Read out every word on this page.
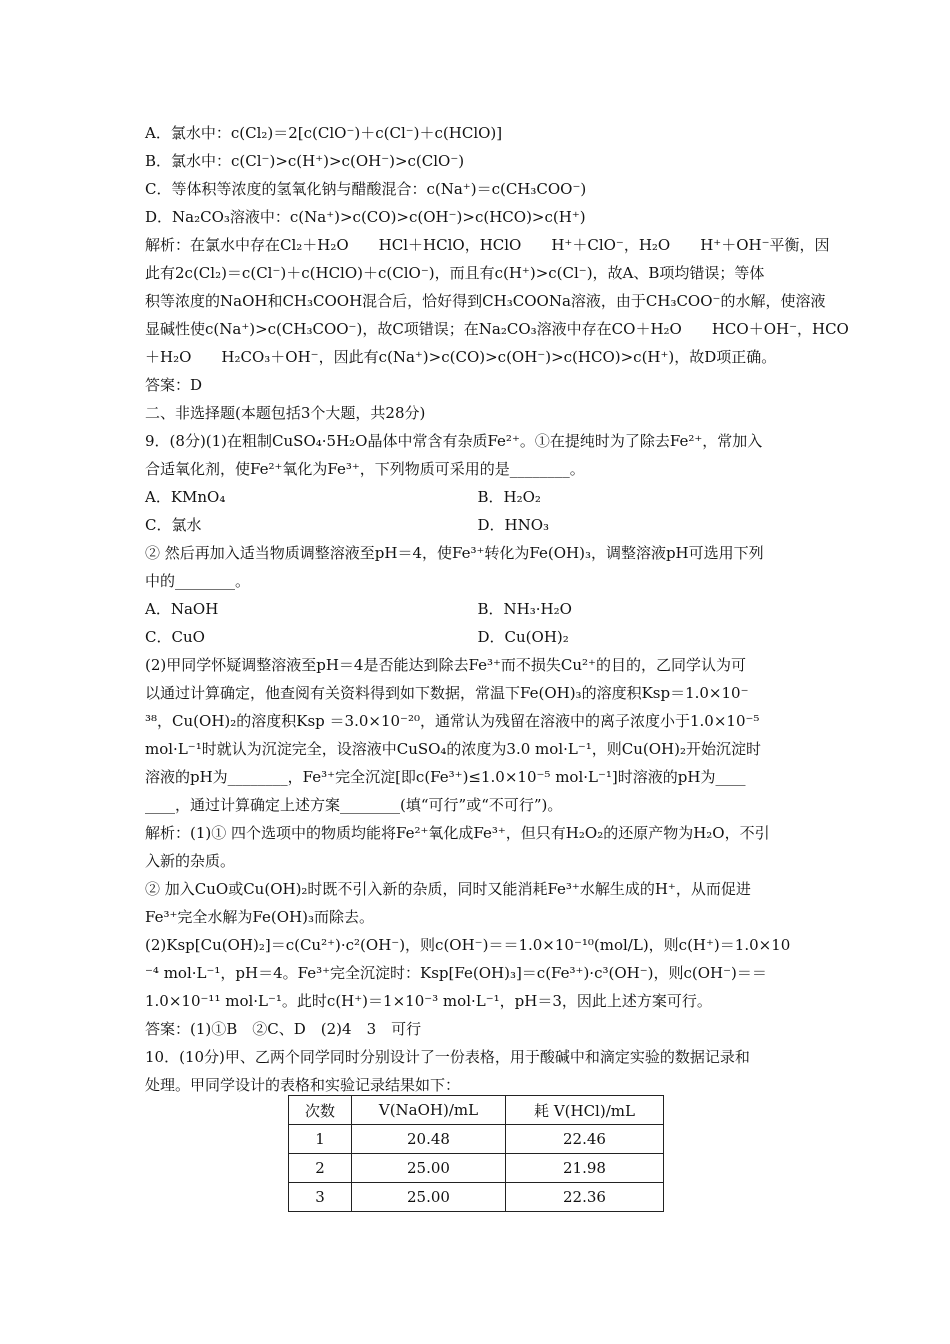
A．氯水中：c(Cl₂)＝2[c(ClO⁻)＋c(Cl⁻)＋c(HClO)]

B．氯水中：c(Cl⁻)>c(H⁺)>c(OH⁻)>c(ClO⁻)

C．等体积等浓度的氢氧化钠与醋酸混合：c(Na⁺)＝c(CH₃COO⁻)

D．Na₂CO₃溶液中：c(Na⁺)>c(CO)>c(OH⁻)>c(HCO)>c(H⁺)

解析：在氯水中存在Cl₂＋H₂O　　HCl＋HClO，HClO　　H⁺＋ClO⁻，H₂O　　H⁺＋OH⁻平衡，因

此有2c(Cl₂)＝c(Cl⁻)＋c(HClO)＋c(ClO⁻)，而且有c(H⁺)>c(Cl⁻)，故A、B项均错误；等体

积等浓度的NaOH和CH₃COOH混合后，恰好得到CH₃COONa溶液，由于CH₃COO⁻的水解，使溶液

显碱性使c(Na⁺)>c(CH₃COO⁻)，故C项错误；在Na₂CO₃溶液中存在CO＋H₂O　　HCO＋OH⁻，HCO

＋H₂O　　H₂CO₃＋OH⁻，因此有c(Na⁺)>c(CO)>c(OH⁻)>c(HCO)>c(H⁺)，故D项正确。

答案：D

二、非选择题(本题包括3个大题，共28分)

9．(8分)(1)在粗制CuSO₄·5H₂O晶体中常含有杂质Fe²⁺。①在提纯时为了除去Fe²⁺，常加入

合适氧化剂，使Fe²⁺氧化为Fe³⁺，下列物质可采用的是________。

A．KMnO₄	B．H₂O₂
C．氯水	D．HNO₃

② 然后再加入适当物质调整溶液至pH＝4，使Fe³⁺转化为Fe(OH)₃，调整溶液pH可选用下列

中的________。

A．NaOH	B．NH₃·H₂O
C．CuO	D．Cu(OH)₂

(2)甲同学怀疑调整溶液至pH＝4是否能达到除去Fe³⁺而不损失Cu²⁺的目的，乙同学认为可

以通过计算确定，他查阅有关资料得到如下数据，常温下Fe(OH)₃的溶度积Ksp＝1.0×10⁻

³⁸，Cu(OH)₂的溶度积Ksp ＝3.0×10⁻²⁰，通常认为残留在溶液中的离子浓度小于1.0×10⁻⁵

mol·L⁻¹时就认为沉淀完全，设溶液中CuSO₄的浓度为3.0 mol·L⁻¹，则Cu(OH)₂开始沉淀时

溶液的pH为________，Fe³⁺完全沉淀[即c(Fe³⁺)≤1.0×10⁻⁵ mol·L⁻¹]时溶液的pH为____

____，通过计算确定上述方案________(填“可行”或“不可行”)。

解析：(1)① 四个选项中的物质均能将Fe²⁺氧化成Fe³⁺，但只有H₂O₂的还原产物为H₂O，不引

入新的杂质。

② 加入CuO或Cu(OH)₂时既不引入新的杂质，同时又能消耗Fe³⁺水解生成的H⁺，从而促进

Fe³⁺完全水解为Fe(OH)₃而除去。

(2)Ksp[Cu(OH)₂]＝c(Cu²⁺)·c²(OH⁻)，则c(OH⁻)＝＝1.0×10⁻¹⁰(mol/L)，则c(H⁺)＝1.0×10

⁻⁴ mol·L⁻¹，pH＝4。Fe³⁺完全沉淀时：Ksp[Fe(OH)₃]＝c(Fe³⁺)·c³(OH⁻)，则c(OH⁻)＝＝

1.0×10⁻¹¹ mol·L⁻¹。此时c(H⁺)＝1×10⁻³ mol·L⁻¹，pH＝3，因此上述方案可行。

答案：(1)①B　②C、D　(2)4　3　可行

10．(10分)甲、乙两个同学同时分别设计了一份表格，用于酸碱中和滴定实验的数据记录和

处理。甲同学设计的表格和实验记录结果如下：

次数	V(NaOH)/mL	耗 V(HCl)/mL
1	20.48	22.46
2	25.00	21.98
3	25.00	22.36
